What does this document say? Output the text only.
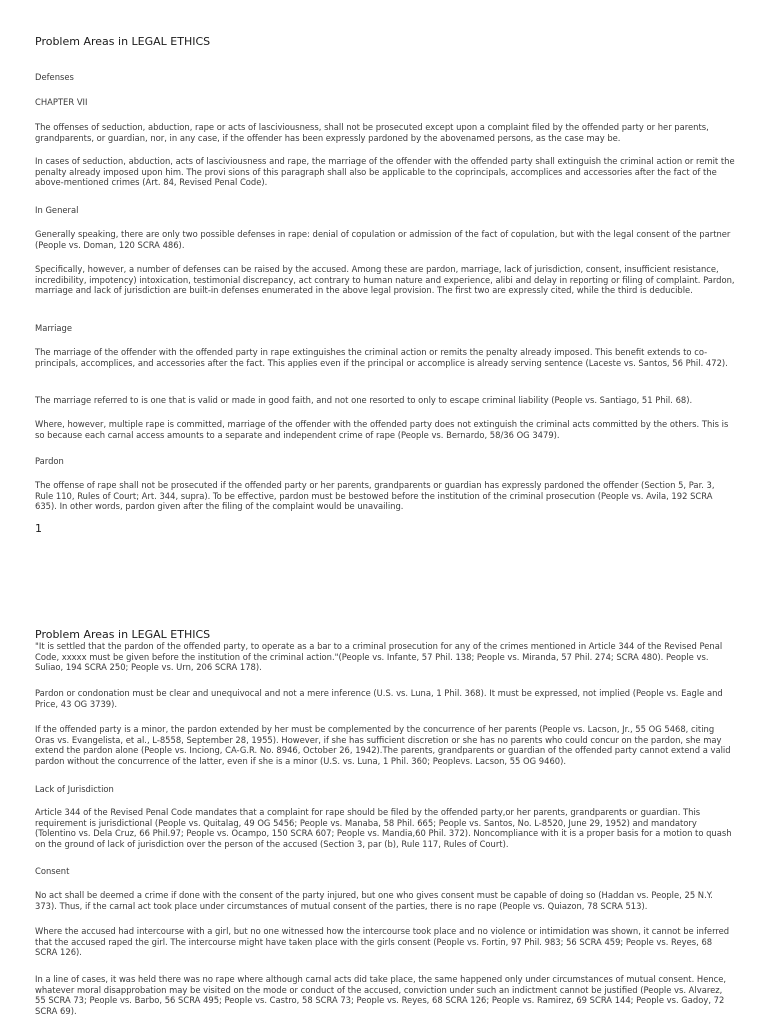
Problem Areas in LEGAL ETHICS

Defenses

CHAPTER VII

The offenses of seduction, abduction, rape or acts of lasciviousness, shall not be prosecuted except upon a complaint filed by the offended party or her parents, grandparents, or guardian, nor, in any case, if the offender has been expressly pardoned by the abovenamed persons, as the case may be.

In cases of seduction, abduction, acts of lasciviousness and rape, the marriage of the offender with the offended party shall extinguish the criminal action or remit the penalty already imposed upon him. The provi sions of this paragraph shall also be applicable to the coprincipals, accomplices and accessories after the fact of the above-mentioned crimes (Art. 84, Revised Penal Code).

In General

Generally speaking, there are only two possible defenses in rape: denial of copulation or admission of the fact of copulation, but with the legal consent of the partner (People vs. Doman, 120 SCRA 486).

Specifically, however, a number of defenses can be raised by the accused. Among these are pardon, marriage, lack of jurisdiction, consent, insufficient resistance, incredibility, impotency) intoxication, testimonial discrepancy, act contrary to human nature and experience, alibi and delay in reporting or filing of complaint. Pardon, marriage and lack of jurisdiction are built-in defenses enumerated in the above legal provision. The first two are expressly cited, while the third is deducible.

Marriage

The marriage of the offender with the offended party in rape extinguishes the criminal action or remits the penalty already imposed. This benefit extends to co-principals, accomplices, and accessories after the fact. This applies even if the principal or accomplice is already serving sentence (Laceste vs. Santos, 56 Phil. 472).

The marriage referred to is one that is valid or made in good faith, and not one resorted to only to escape criminal liability (People vs. Santiago, 51 Phil. 68).

Where, however, multiple rape is committed, marriage of the offender with the offended party does not extinguish the criminal acts committed by the others. This is so because each carnal access amounts to a separate and independent crime of rape (People vs. Bernardo, 58/36 OG 3479).

Pardon

The offense of rape shall not be prosecuted if the offended party or her parents, grandparents or guardian has expressly pardoned the offender (Section 5, Par. 3, Rule 110, Rules of Court; Art. 344, supra). To be effective, pardon must be bestowed before the institution of the criminal prosecution (People vs. Avila, 192 SCRA 635). In other words, pardon given after the filing of the complaint would be unavailing.

1

Problem Areas in LEGAL ETHICS

"It is settled that the pardon of the offended party, to operate as a bar to a criminal prosecution for any of the crimes mentioned in Article 344 of the Revised Penal Code, xxxxx must be given before the institution of the criminal action."(People vs. Infante, 57 Phil. 138; People vs. Miranda, 57 Phil. 274; SCRA 480). People vs. Suliao, 194 SCRA 250; People vs. Urn, 206 SCRA 178).

Pardon or condonation must be clear and unequivocal and not a mere inference (U.S. vs. Luna, 1 Phil. 368). It must be expressed, not implied (People vs. Eagle and Price, 43 OG 3739).

If the offended party is a minor, the pardon extended by her must be complemented by the concurrence of her parents (People vs. Lacson, Jr., 55 OG 5468, citing Oras vs. Evangelista, et al., L-8558, September 28, 1955). However, if she has sufficient discretion or she has no parents who could concur on the pardon, she may extend the pardon alone (People vs. Inciong, CA-G.R. No. 8946, October 26, 1942).The parents, grandparents or guardian of the offended party cannot extend a valid pardon without the concurrence of the latter, even if she is a minor (U.S. vs. Luna, 1 Phil. 360; Peoplevs. Lacson, 55 OG 9460).

Lack of Jurisdiction

Article 344 of the Revised Penal Code mandates that a complaint for rape should be filed by the offended party,or her parents, grandparents or guardian. This requirement is jurisdictional (People vs. Quitalag, 49 OG 5456; People vs. Manaba, 58 Phil. 665; People vs. Santos, No. L-8520, June 29, 1952) and mandatory (Tolentino vs. Dela Cruz, 66 Phil.97; People vs. Ocampo, 150 SCRA 607; People vs. Mandia,60 Phil. 372). Noncompliance with it is a proper basis for a motion to quash on the ground of lack of jurisdiction over the person of the accused (Section 3, par (b), Rule 117, Rules of Court).

Consent

No act shall be deemed a crime if done with the consent of the party injured, but one who gives consent must be capable of doing so (Haddan vs. People, 25 N.Y. 373). Thus, if the carnal act took place under circumstances of mutual consent of the parties, there is no rape (People vs. Quiazon, 78 SCRA 513).

Where the accused had intercourse with a girl, but no one witnessed how the intercourse took place and no violence or intimidation was shown, it cannot be inferred that the accused raped the girl. The intercourse might have taken place with the girls consent (People vs. Fortin, 97 Phil. 983; 56 SCRA 459; People vs. Reyes, 68 SCRA 126).

In a line of cases, it was held there was no rape where although carnal acts did take place, the same happened only under circumstances of mutual consent. Hence, whatever moral disapprobation may be visited on the mode or conduct of the accused, conviction under such an indictment cannot be justified (People vs. Alvarez, 55 SCRA 73; People vs. Barbo, 56 SCRA 495; People vs. Castro, 58 SCRA 73; People vs. Reyes, 68 SCRA 126; People vs. Ramirez, 69 SCRA 144; People vs. Gadoy, 72 SCRA 69).
